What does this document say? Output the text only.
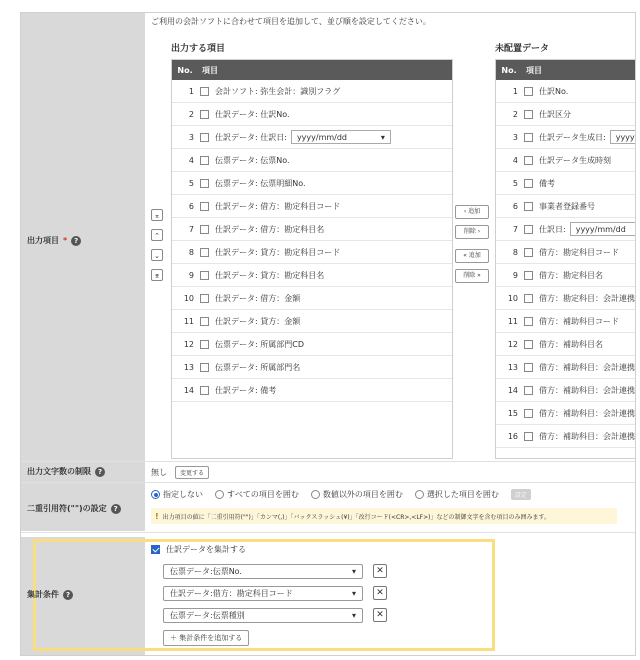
出力項目 * ?
ご利用の会計ソフトに合わせて項目を追加して、並び順を設定してください。
出力する項目	未配置データ
No.	項目
1	会計ソフト: 弥生会計：識別フラグ
2	仕訳データ: 仕訳No.
3	仕訳データ: 仕訳日: yyyy/mm/dd	▾
4	伝票データ: 伝票No.
5	伝票データ: 伝票明細No.
6	仕訳データ: 借方：勘定科目コード
7	仕訳データ: 借方：勘定科目名
8	仕訳データ: 貸方：勘定科目コード
9	仕訳データ: 貸方：勘定科目名
10	仕訳データ: 借方：金額
11	仕訳データ: 貸方：金額
12	伝票データ: 所属部門CD
13	伝票データ: 所属部門名
14	仕訳データ: 備考
⌅
⌃
⌄
⌆
‹ 追加
削除 ›
« 追加
削除 »
No.	項目
1	仕訳No.
2	仕訳区分
3	仕訳データ生成日: yyyy
4	仕訳データ生成時刻
5	備考
6	事業者登録番号
7	仕訳日: yyyy/mm/dd
8	借方：勘定科目コード
9	借方：勘定科目名
10	借方：勘定科目：会計連携
11	借方：補助科目コード
12	借方：補助科目名
13	借方：補助科目：会計連携
14	借方：補助科目：会計連携
15	借方：補助科目：会計連携
16	借方：補助科目：会計連携
出力文字数の制限 ?	無し	変更する
二重引用符("")の設定 ?
指定しない	すべての項目を囲む	数値以外の項目を囲む	選択した項目を囲む	設定
! 出力項目の値に「二重引用符("")」「カンマ(,)」「バックスラッシュ(¥)」「改行コード(<CR>,<LF>)」などの制御文字を含む項目のみ囲みます。
集計条件 ?
仕訳データを集計する
伝票データ:伝票No.	▾	✕
仕訳データ:借方：勘定科目コード	▾	✕
伝票データ:伝票種別	▾	✕
＋ 集計条件を追加する
